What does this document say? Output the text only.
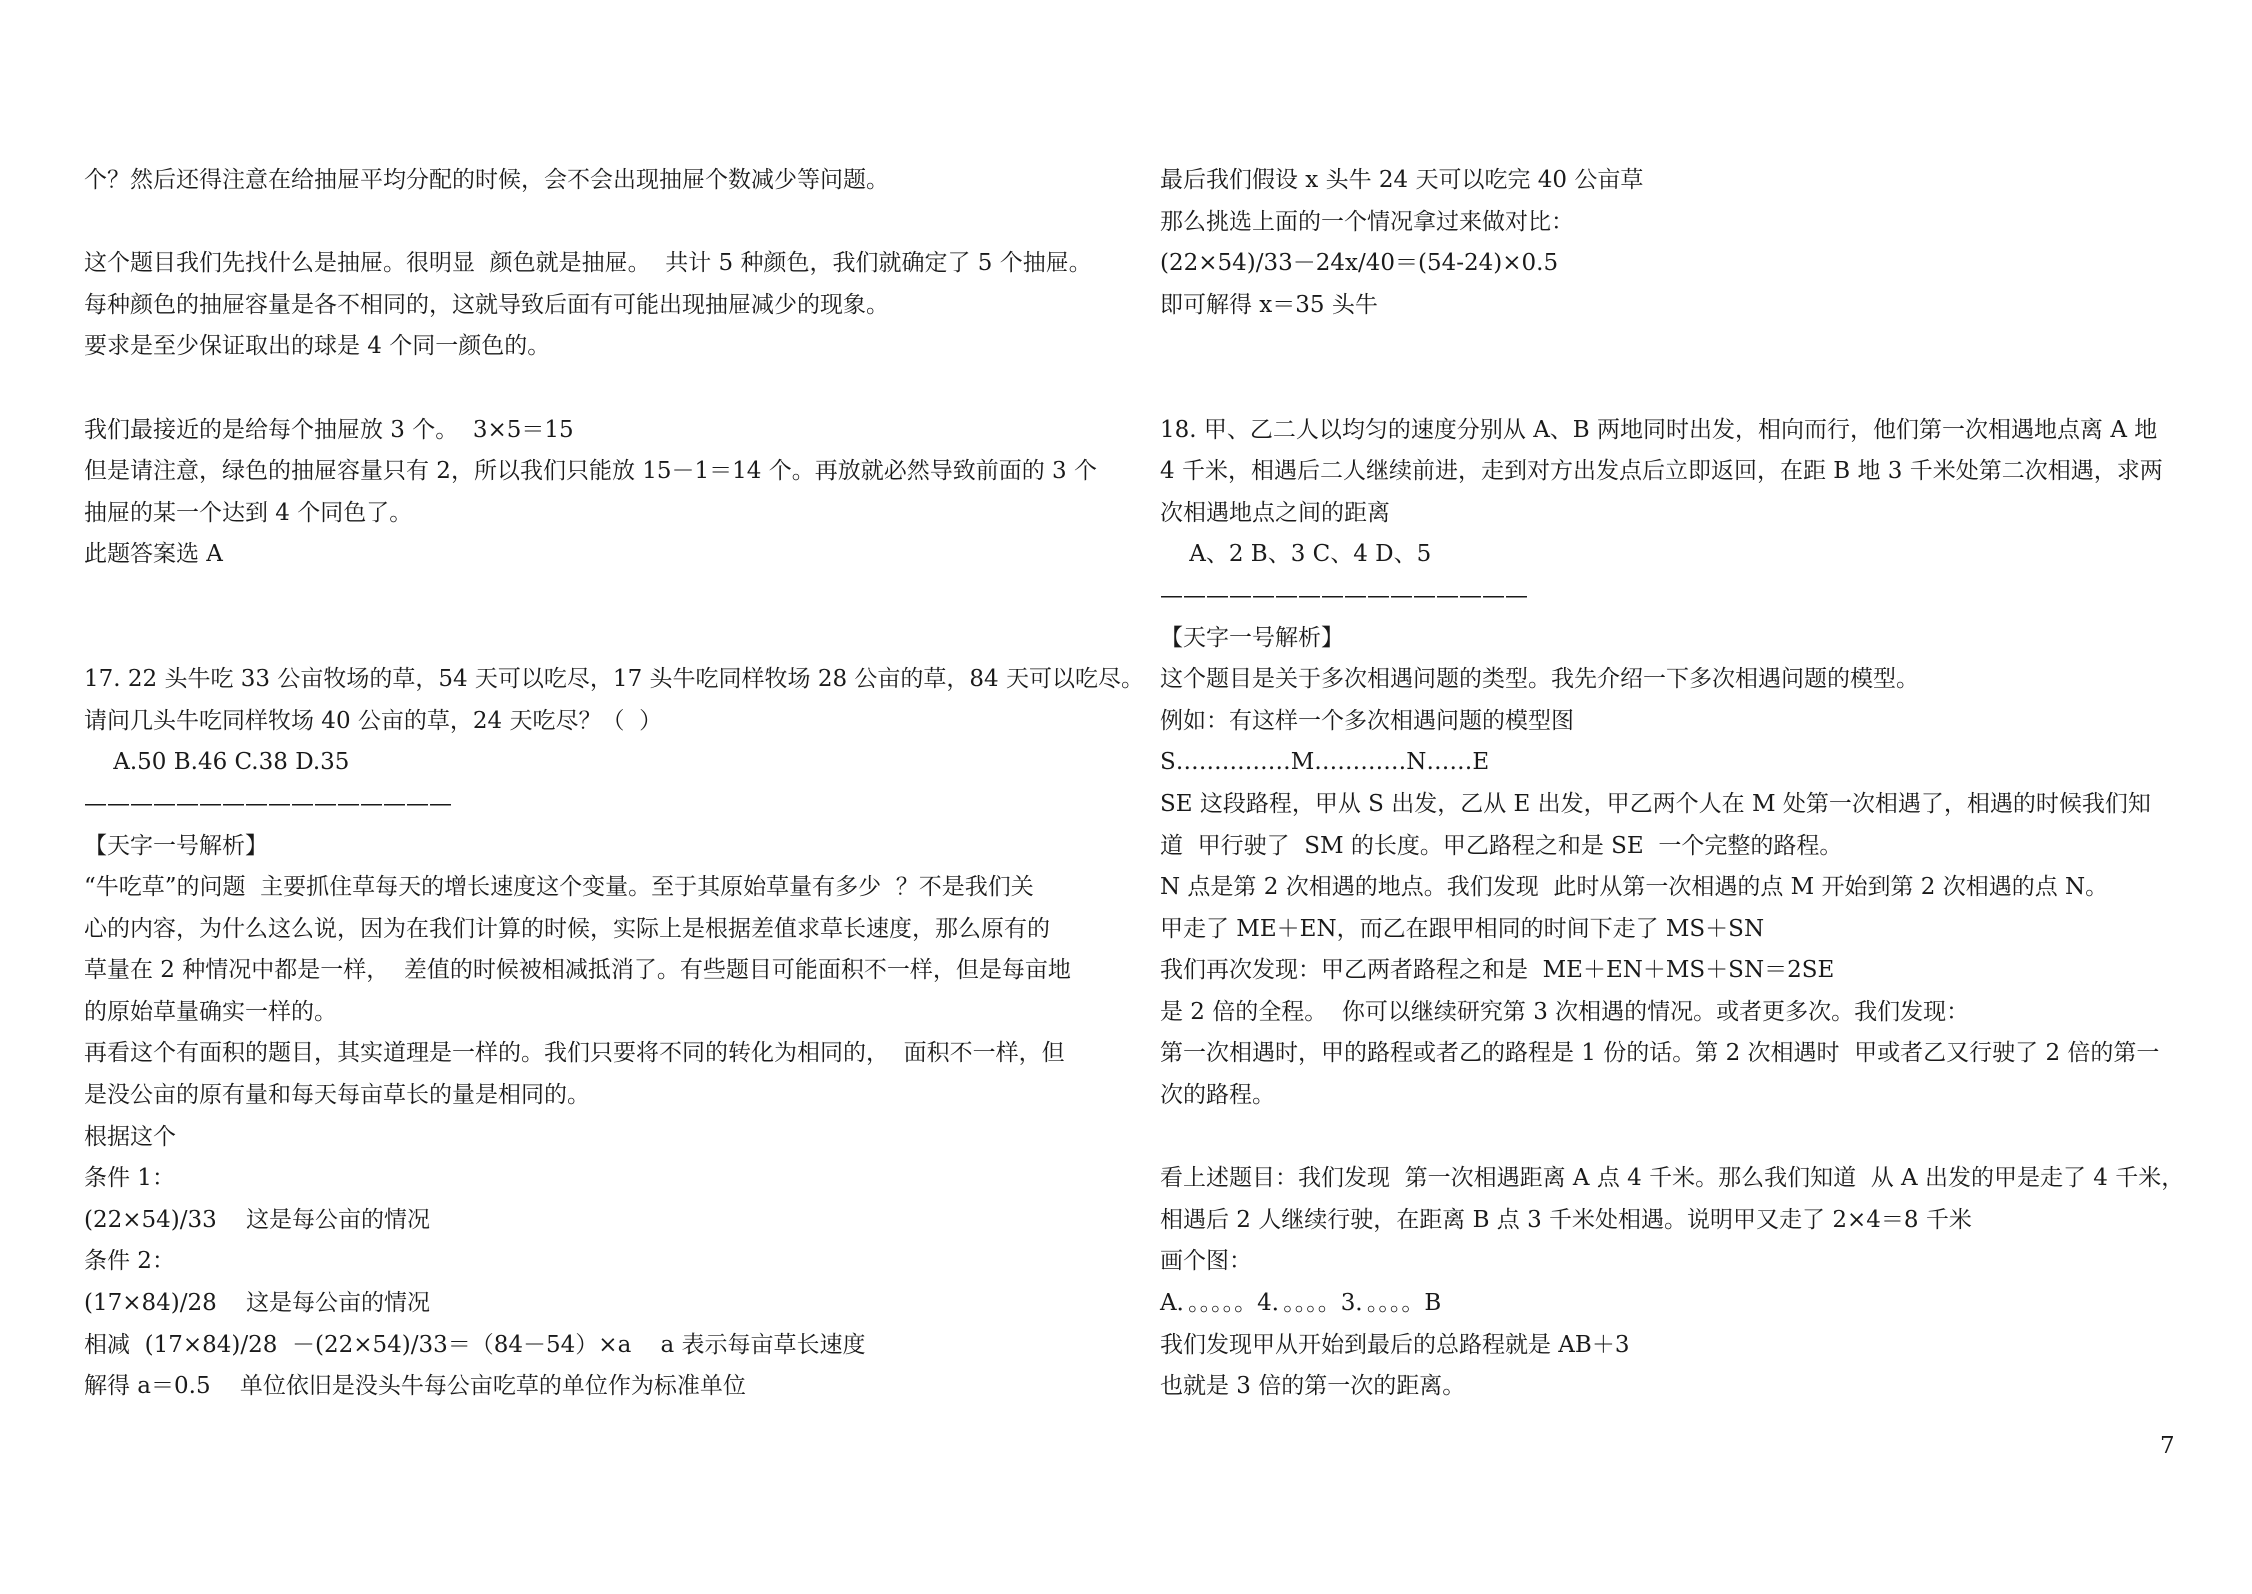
个？然后还得注意在给抽屉平均分配的时候，会不会出现抽屉个数减少等问题。
这个题目我们先找什么是抽屉。很明显  颜色就是抽屉。  共计 5 种颜色，我们就确定了 5 个抽屉。
每种颜色的抽屉容量是各不相同的，这就导致后面有可能出现抽屉减少的现象。
要求是至少保证取出的球是 4 个同一颜色的。
我们最接近的是给每个抽屉放 3 个。  3×5＝15
但是请注意，绿色的抽屉容量只有 2，所以我们只能放 15－1＝14 个。再放就必然导致前面的 3 个
抽屉的某一个达到 4 个同色了。
此题答案选 A
17. 22 头牛吃 33 公亩牧场的草，54 天可以吃尽，17 头牛吃同样牧场 28 公亩的草，84 天可以吃尽。
请问几头牛吃同样牧场 40 公亩的草，24 天吃尽？（  ）
A.50 B.46 C.38 D.35
————————————————
【天字一号解析】
“牛吃草”的问题  主要抓住草每天的增长速度这个变量。至于其原始草量有多少  ？不是我们关
心的内容，为什么这么说，因为在我们计算的时候，实际上是根据差值求草长速度，那么原有的
草量在 2 种情况中都是一样，  差值的时候被相减抵消了。有些题目可能面积不一样，但是每亩地
的原始草量确实一样的。
再看这个有面积的题目，其实道理是一样的。我们只要将不同的转化为相同的，  面积不一样，但
是没公亩的原有量和每天每亩草长的量是相同的。
根据这个
条件 1：
(22×54)/33    这是每公亩的情况
条件 2：
(17×84)/28    这是每公亩的情况
相减  (17×84)/28  －(22×54)/33＝（84－54）×a    a 表示每亩草长速度
解得 a＝0.5    单位依旧是没头牛每公亩吃草的单位作为标准单位
最后我们假设 x 头牛 24 天可以吃完 40 公亩草
那么挑选上面的一个情况拿过来做对比：
(22×54)/33－24x/40＝(54-24)×0.5
即可解得 x＝35 头牛
18. 甲、乙二人以均匀的速度分别从 A、B 两地同时出发，相向而行，他们第一次相遇地点离 A 地
4 千米，相遇后二人继续前进，走到对方出发点后立即返回，在距 B 地 3 千米处第二次相遇，求两
次相遇地点之间的距离
A、2 B、3 C、4 D、5
————————————————
【天字一号解析】
这个题目是关于多次相遇问题的类型。我先介绍一下多次相遇问题的模型。
例如：有这样一个多次相遇问题的模型图
S……………M…………N……E
SE 这段路程，甲从 S 出发，乙从 E 出发，甲乙两个人在 M 处第一次相遇了，相遇的时候我们知
道  甲行驶了  SM 的长度。甲乙路程之和是 SE  一个完整的路程。
N 点是第 2 次相遇的地点。我们发现  此时从第一次相遇的点 M 开始到第 2 次相遇的点 N。
甲走了 ME＋EN，而乙在跟甲相同的时间下走了 MS＋SN
我们再次发现：甲乙两者路程之和是  ME＋EN＋MS＋SN＝2SE
是 2 倍的全程。  你可以继续研究第 3 次相遇的情况。或者更多次。我们发现：
第一次相遇时，甲的路程或者乙的路程是 1 份的话。第 2 次相遇时  甲或者乙又行驶了 2 倍的第一
次的路程。
看上述题目：我们发现  第一次相遇距离 A 点 4 千米。那么我们知道  从 A 出发的甲是走了 4 千米，
相遇后 2 人继续行驶，在距离 B 点 3 千米处相遇。说明甲又走了 2×4＝8 千米
画个图：
A．。。。。。4．。。。。3．。。。。B
我们发现甲从开始到最后的总路程就是 AB＋3
也就是 3 倍的第一次的距离。
7
